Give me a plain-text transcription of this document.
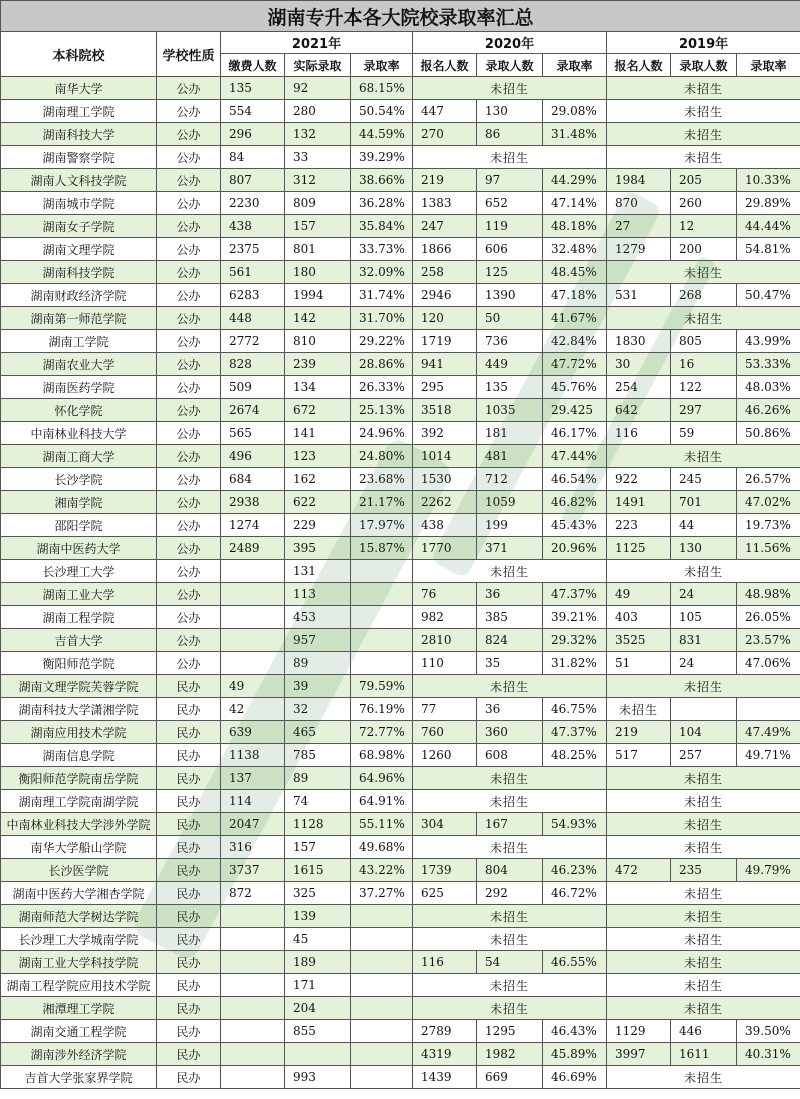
湖南专升本各大院校录取率汇总										
本科院校	学校性质	2021年			2020年			2019年		
		缴费人数	实际录取	录取率	报名人数	录取人数	录取率	报名人数	录取人数	录取率
南华大学	公办	135	92	68.15%	未招生			未招生		
湖南理工学院	公办	554	280	50.54%	447	130	29.08%	未招生		
湖南科技大学	公办	296	132	44.59%	270	86	31.48%	未招生		
湖南警察学院	公办	84	33	39.29%	未招生			未招生		
湖南人文科技学院	公办	807	312	38.66%	219	97	44.29%	1984	205	10.33%
湖南城市学院	公办	2230	809	36.28%	1383	652	47.14%	870	260	29.89%
湖南女子学院	公办	438	157	35.84%	247	119	48.18%	27	12	44.44%
湖南文理学院	公办	2375	801	33.73%	1866	606	32.48%	1279	200	54.81%
湖南科技学院	公办	561	180	32.09%	258	125	48.45%	未招生		
湖南财政经济学院	公办	6283	1994	31.74%	2946	1390	47.18%	531	268	50.47%
湖南第一师范学院	公办	448	142	31.70%	120	50	41.67%	未招生		
湖南工学院	公办	2772	810	29.22%	1719	736	42.84%	1830	805	43.99%
湖南农业大学	公办	828	239	28.86%	941	449	47.72%	30	16	53.33%
湖南医药学院	公办	509	134	26.33%	295	135	45.76%	254	122	48.03%
怀化学院	公办	2674	672	25.13%	3518	1035	29.425	642	297	46.26%
中南林业科技大学	公办	565	141	24.96%	392	181	46.17%	116	59	50.86%
湖南工商大学	公办	496	123	24.80%	1014	481	47.44%	未招生		
长沙学院	公办	684	162	23.68%	1530	712	46.54%	922	245	26.57%
湘南学院	公办	2938	622	21.17%	2262	1059	46.82%	1491	701	47.02%
邵阳学院	公办	1274	229	17.97%	438	199	45.43%	223	44	19.73%
湖南中医药大学	公办	2489	395	15.87%	1770	371	20.96%	1125	130	11.56%
长沙理工大学	公办		131		未招生			未招生		
湖南工业大学	公办		113		76	36	47.37%	49	24	48.98%
湖南工程学院	公办		453		982	385	39.21%	403	105	26.05%
吉首大学	公办		957		2810	824	29.32%	3525	831	23.57%
衡阳师范学院	公办		89		110	35	31.82%	51	24	47.06%
湖南文理学院芙蓉学院	民办	49	39	79.59%	未招生			未招生		
湖南科技大学潇湘学院	民办	42	32	76.19%	77	36	46.75%	未招生		
湖南应用技术学院	民办	639	465	72.77%	760	360	47.37%	219	104	47.49%
湖南信息学院	民办	1138	785	68.98%	1260	608	48.25%	517	257	49.71%
衡阳师范学院南岳学院	民办	137	89	64.96%	未招生			未招生		
湖南理工学院南湖学院	民办	114	74	64.91%	未招生			未招生		
中南林业科技大学涉外学院	民办	2047	1128	55.11%	304	167	54.93%	未招生		
南华大学船山学院	民办	316	157	49.68%	未招生			未招生		
长沙医学院	民办	3737	1615	43.22%	1739	804	46.23%	472	235	49.79%
湖南中医药大学湘杏学院	民办	872	325	37.27%	625	292	46.72%	未招生		
湖南师范大学树达学院	民办		139		未招生			未招生		
长沙理工大学城南学院	民办		45		未招生			未招生		
湖南工业大学科技学院	民办		189		116	54	46.55%	未招生		
湖南工程学院应用技术学院	民办		171		未招生			未招生		
湘潭理工学院	民办		204		未招生			未招生		
湖南交通工程学院	民办		855		2789	1295	46.43%	1129	446	39.50%
湖南涉外经济学院	民办				4319	1982	45.89%	3997	1611	40.31%
吉首大学张家界学院	民办		993		1439	669	46.69%	未招生		
